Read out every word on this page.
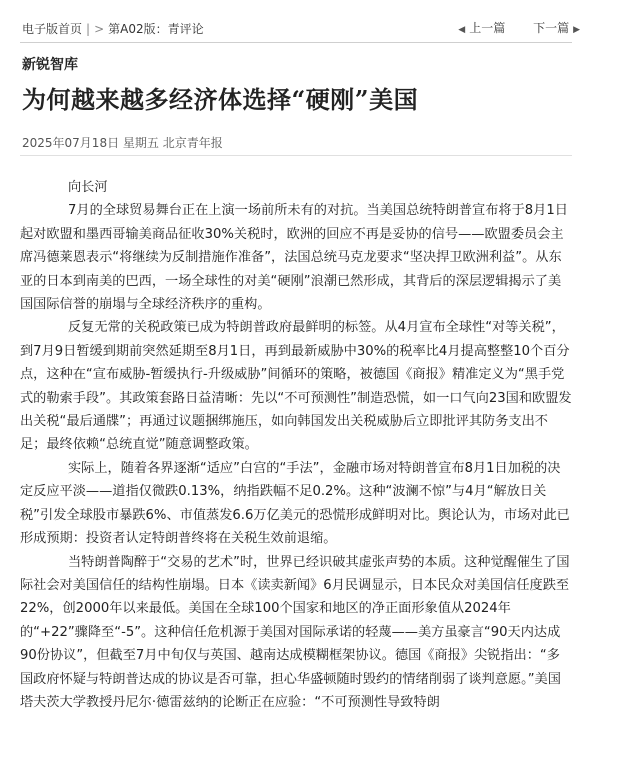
电子版首页 | > 第A02版：青评论	◀ 上一篇 下一篇 ▶
新锐智库
为何越来越多经济体选择“硬刚”美国
2025年07月18日 星期五 北京青年报

向长河

7月的全球贸易舞台正在上演一场前所未有的对抗。当美国总统特朗普宣布将于8月1日起对欧盟和墨西哥输美商品征收30%关税时，欧洲的回应不再是妥协的信号——欧盟委员会主席冯德莱恩表示“将继续为反制措施作准备”，法国总统马克龙要求“坚决捍卫欧洲利益”。从东亚的日本到南美的巴西，一场全球性的对美“硬刚”浪潮已然形成，其背后的深层逻辑揭示了美国国际信誉的崩塌与全球经济秩序的重构。

反复无常的关税政策已成为特朗普政府最鲜明的标签。从4月宣布全球性“对等关税”，到7月9日暂缓到期前突然延期至8月1日，再到最新威胁中30%的税率比4月提高整整10个百分点，这种在“宣布威胁-暂缓执行-升级威胁”间循环的策略，被德国《商报》精准定义为“黑手党式的勒索手段”。其政策套路日益清晰：先以“不可预测性”制造恐慌，如一口气向23国和欧盟发出关税“最后通牒”；再通过议题捆绑施压，如向韩国发出关税威胁后立即批评其防务支出不足；最终依赖“总统直觉”随意调整政策。

实际上，随着各界逐渐“适应”白宫的“手法”，金融市场对特朗普宣布8月1日加税的决定反应平淡——道指仅微跌0.13%，纳指跌幅不足0.2%。这种“波澜不惊”与4月“解放日关税”引发全球股市暴跌6%、市值蒸发6.6万亿美元的恐慌形成鲜明对比。舆论认为，市场对此已形成预期：投资者认定特朗普终将在关税生效前退缩。

当特朗普陶醉于“交易的艺术”时，世界已经识破其虚张声势的本质。这种觉醒催生了国际社会对美国信任的结构性崩塌。日本《读卖新闻》6月民调显示，日本民众对美国信任度跌至22%，创2000年以来最低。美国在全球100个国家和地区的净正面形象值从2024年的“+22”骤降至“-5”。这种信任危机源于美国对国际承诺的轻蔑——美方虽豪言“90天内达成90份协议”，但截至7月中旬仅与英国、越南达成模糊框架协议。德国《商报》尖锐指出：“多国政府怀疑与特朗普达成的协议是否可靠，担心华盛顿随时毁约的情绪削弱了谈判意愿。”美国塔夫茨大学教授丹尼尔·德雷兹纳的论断正在应验：“不可预测性导致特朗
